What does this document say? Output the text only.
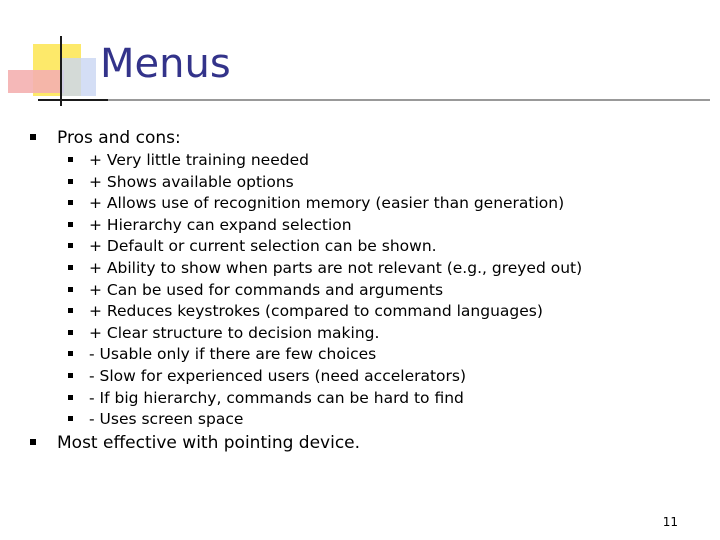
Menus
Pros and cons:
+ Very little training needed
+ Shows available options
+ Allows use of recognition memory (easier than generation)
+ Hierarchy can expand selection
+ Default or current selection can be shown.
+ Ability to show when parts are not relevant (e.g., greyed out)
+ Can be used for commands and arguments
+ Reduces keystrokes (compared to command languages)
+ Clear structure to decision making.
- Usable only if there are few choices
- Slow for experienced users (need accelerators)
- If big hierarchy, commands can be hard to find
- Uses screen space
Most effective with pointing device.
11
